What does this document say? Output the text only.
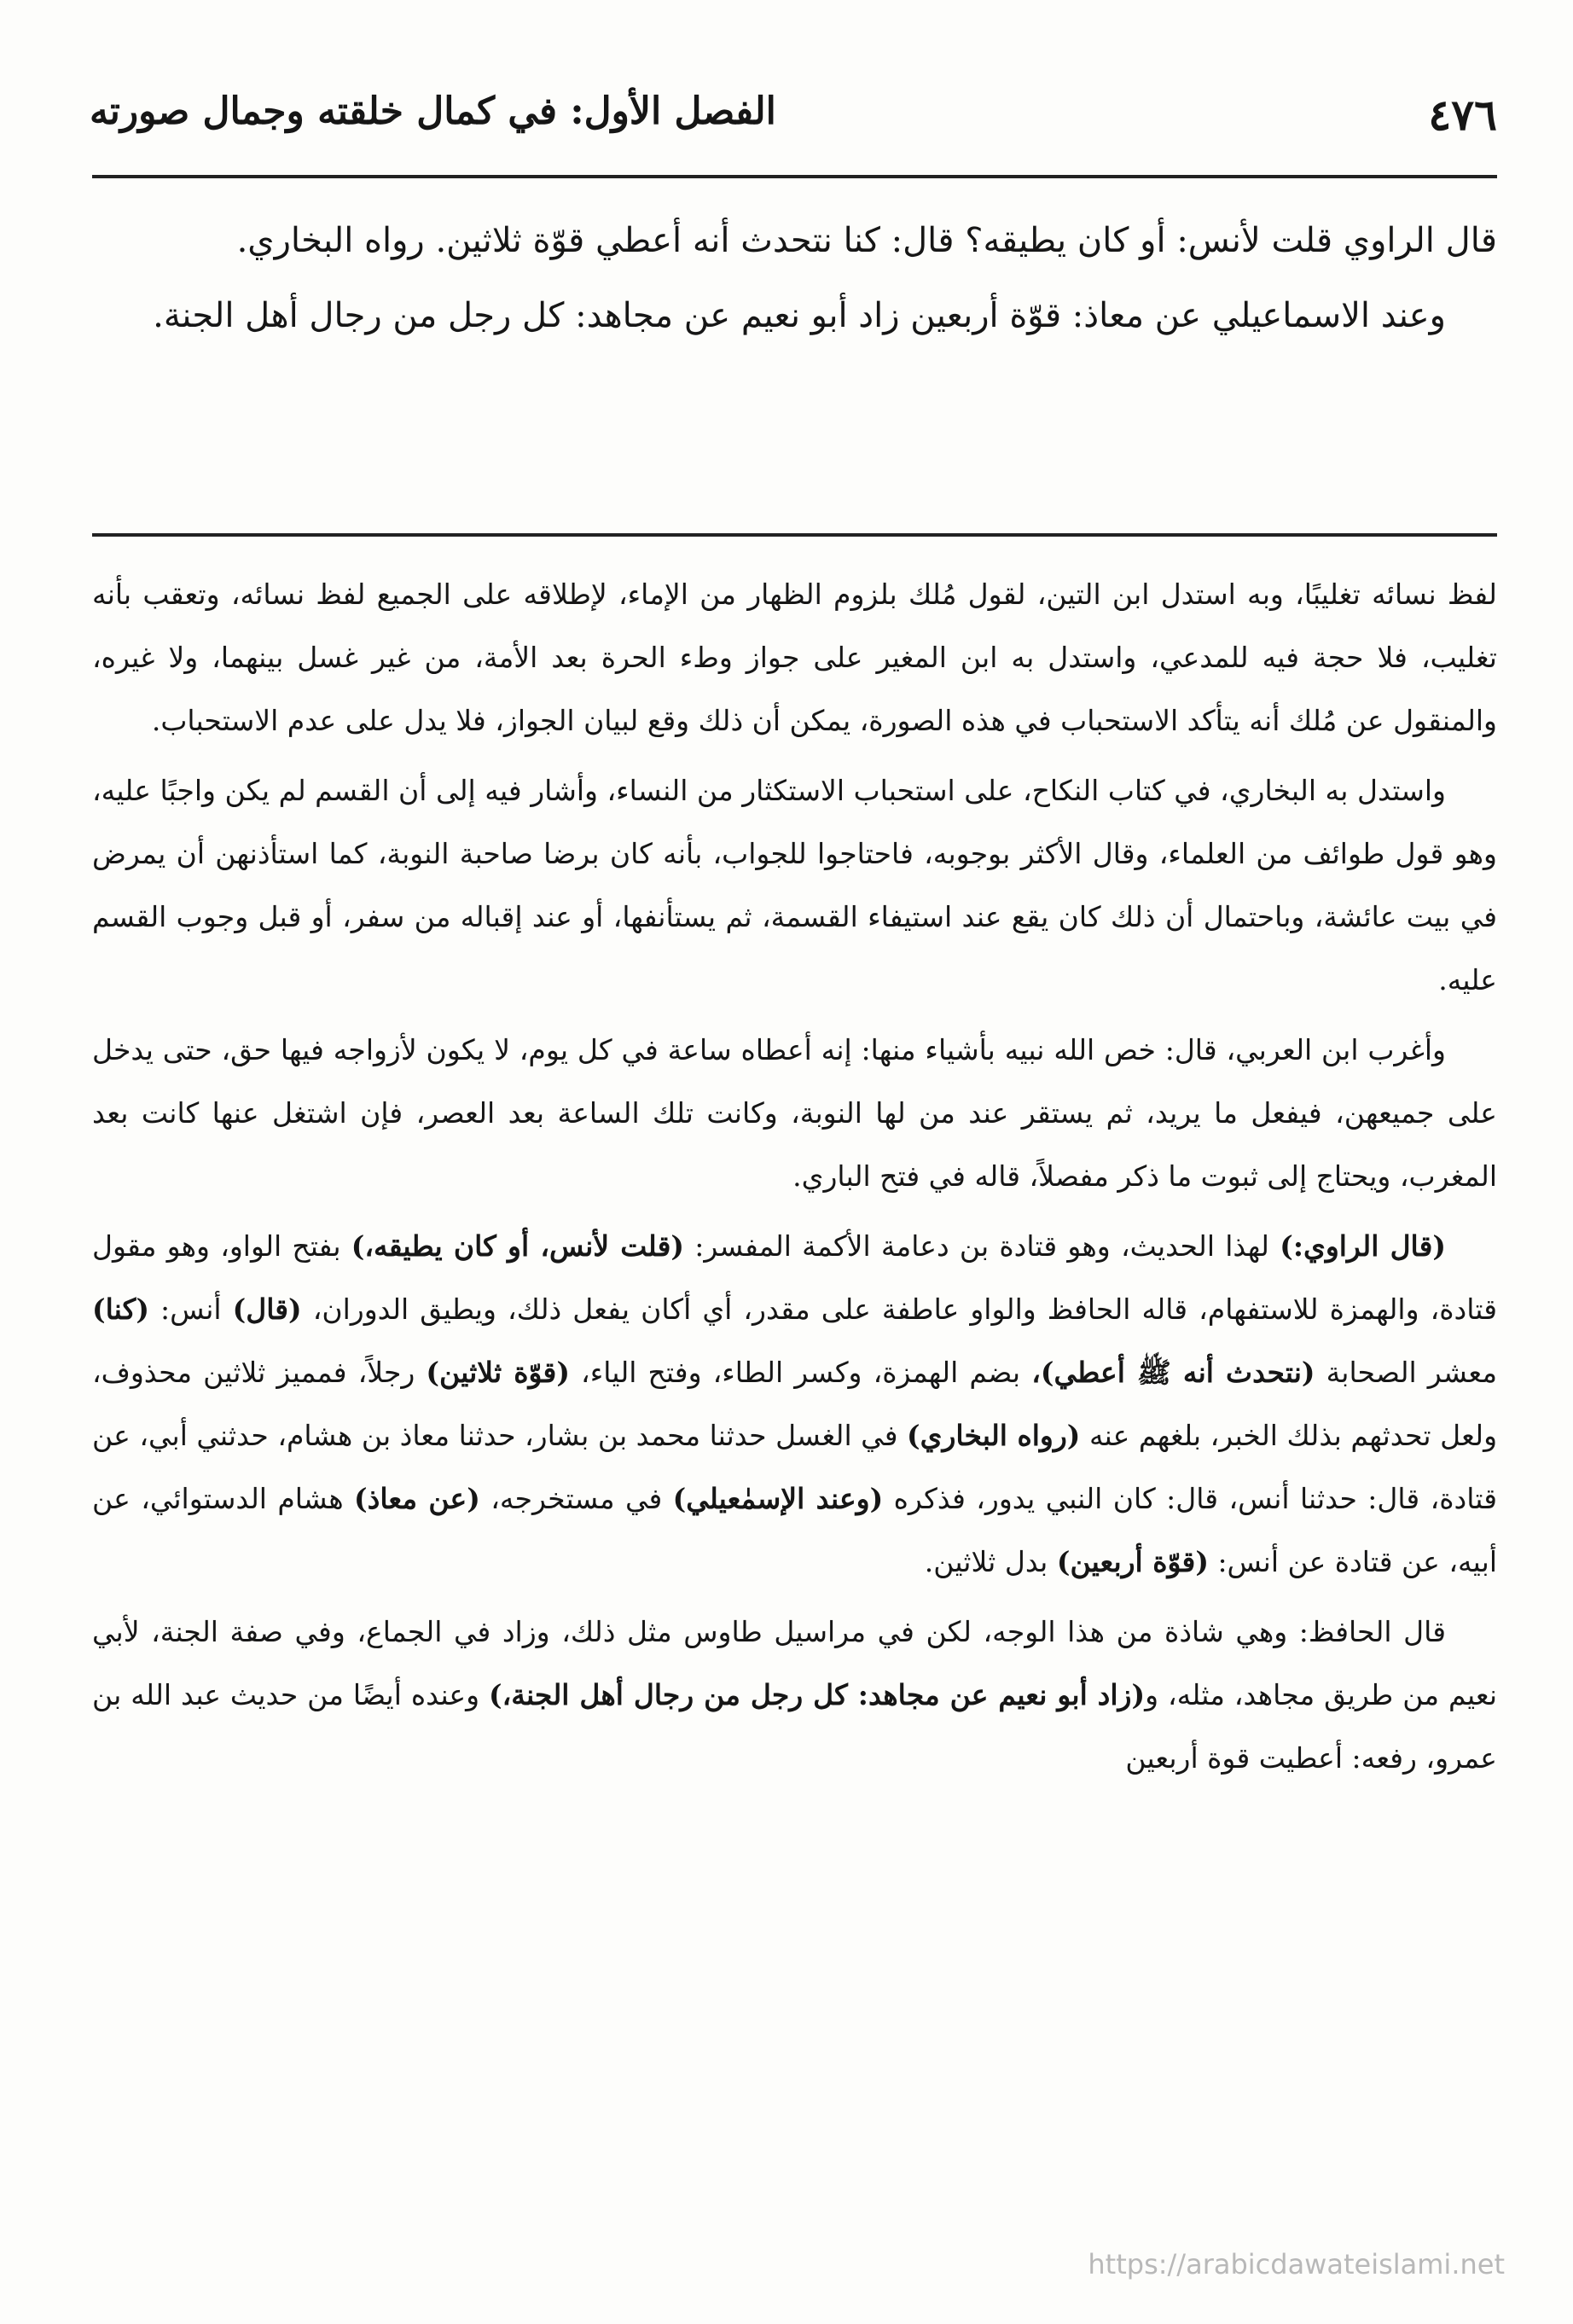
٤٧٦
الفصل الأول: في كمال خلقته وجمال صورته

قال الراوي قلت لأنس: أو كان يطيقه؟ قال: كنا نتحدث أنه أعطي قوّة ثلاثين. رواه البخاري.

وعند الاسماعيلي عن معاذ: قوّة أربعين زاد أبو نعيم عن مجاهد: كل رجل من رجال أهل الجنة.

لفظ نسائه تغليبًا، وبه استدل ابن التين، لقول مُلك بلزوم الظهار من الإماء، لإطلاقه على الجميع لفظ نسائه، وتعقب بأنه تغليب، فلا حجة فيه للمدعي، واستدل به ابن المغير على جواز وطء الحرة بعد الأمة، من غير غسل بينهما، ولا غيره، والمنقول عن مُلك أنه يتأكد الاستحباب في هذه الصورة، يمكن أن ذلك وقع لبيان الجواز، فلا يدل على عدم الاستحباب.

واستدل به البخاري، في كتاب النكاح، على استحباب الاستكثار من النساء، وأشار فيه إلى أن القسم لم يكن واجبًا عليه، وهو قول طوائف من العلماء، وقال الأكثر بوجوبه، فاحتاجوا للجواب، بأنه كان برضا صاحبة النوبة، كما استأذنهن أن يمرض في بيت عائشة، وباحتمال أن ذلك كان يقع عند استيفاء القسمة، ثم يستأنفها، أو عند إقباله من سفر، أو قبل وجوب القسم عليه.

وأغرب ابن العربي، قال: خص الله نبيه بأشياء منها: إنه أعطاه ساعة في كل يوم، لا يكون لأزواجه فيها حق، حتى يدخل على جميعهن، فيفعل ما يريد، ثم يستقر عند من لها النوبة، وكانت تلك الساعة بعد العصر، فإن اشتغل عنها كانت بعد المغرب، ويحتاج إلى ثبوت ما ذكر مفصلاً، قاله في فتح الباري.

(قال الراوي:) لهذا الحديث، وهو قتادة بن دعامة الأكمة المفسر: (قلت لأنس، أو كان يطيقه،) بفتح الواو، وهو مقول قتادة، والهمزة للاستفهام، قاله الحافظ والواو عاطفة على مقدر، أي أكان يفعل ذلك، ويطيق الدوران، (قال) أنس: (كنا) معشر الصحابة (نتحدث أنه ﷺ أعطي)، بضم الهمزة، وكسر الطاء، وفتح الياء، (قوّة ثلاثين) رجلاً، فمميز ثلاثين محذوف، ولعل تحدثهم بذلك الخبر، بلغهم عنه (رواه البخاري) في الغسل حدثنا محمد بن بشار، حدثنا معاذ بن هشام، حدثني أبي، عن قتادة، قال: حدثنا أنس، قال: كان النبي يدور، فذكره (وعند الإسمٰعيلي) في مستخرجه، (عن معاذ) هشام الدستوائي، عن أبيه، عن قتادة عن أنس: (قوّة أربعين) بدل ثلاثين.

قال الحافظ: وهي شاذة من هذا الوجه، لكن في مراسيل طاوس مثل ذلك، وزاد في الجماع، وفي صفة الجنة، لأبي نعيم من طريق مجاهد، مثله، و(زاد أبو نعيم عن مجاهد: كل رجل من رجال أهل الجنة،) وعنده أيضًا من حديث عبد الله بن عمرو، رفعه: أعطيت قوة أربعين

https://arabicdawateislami.net
